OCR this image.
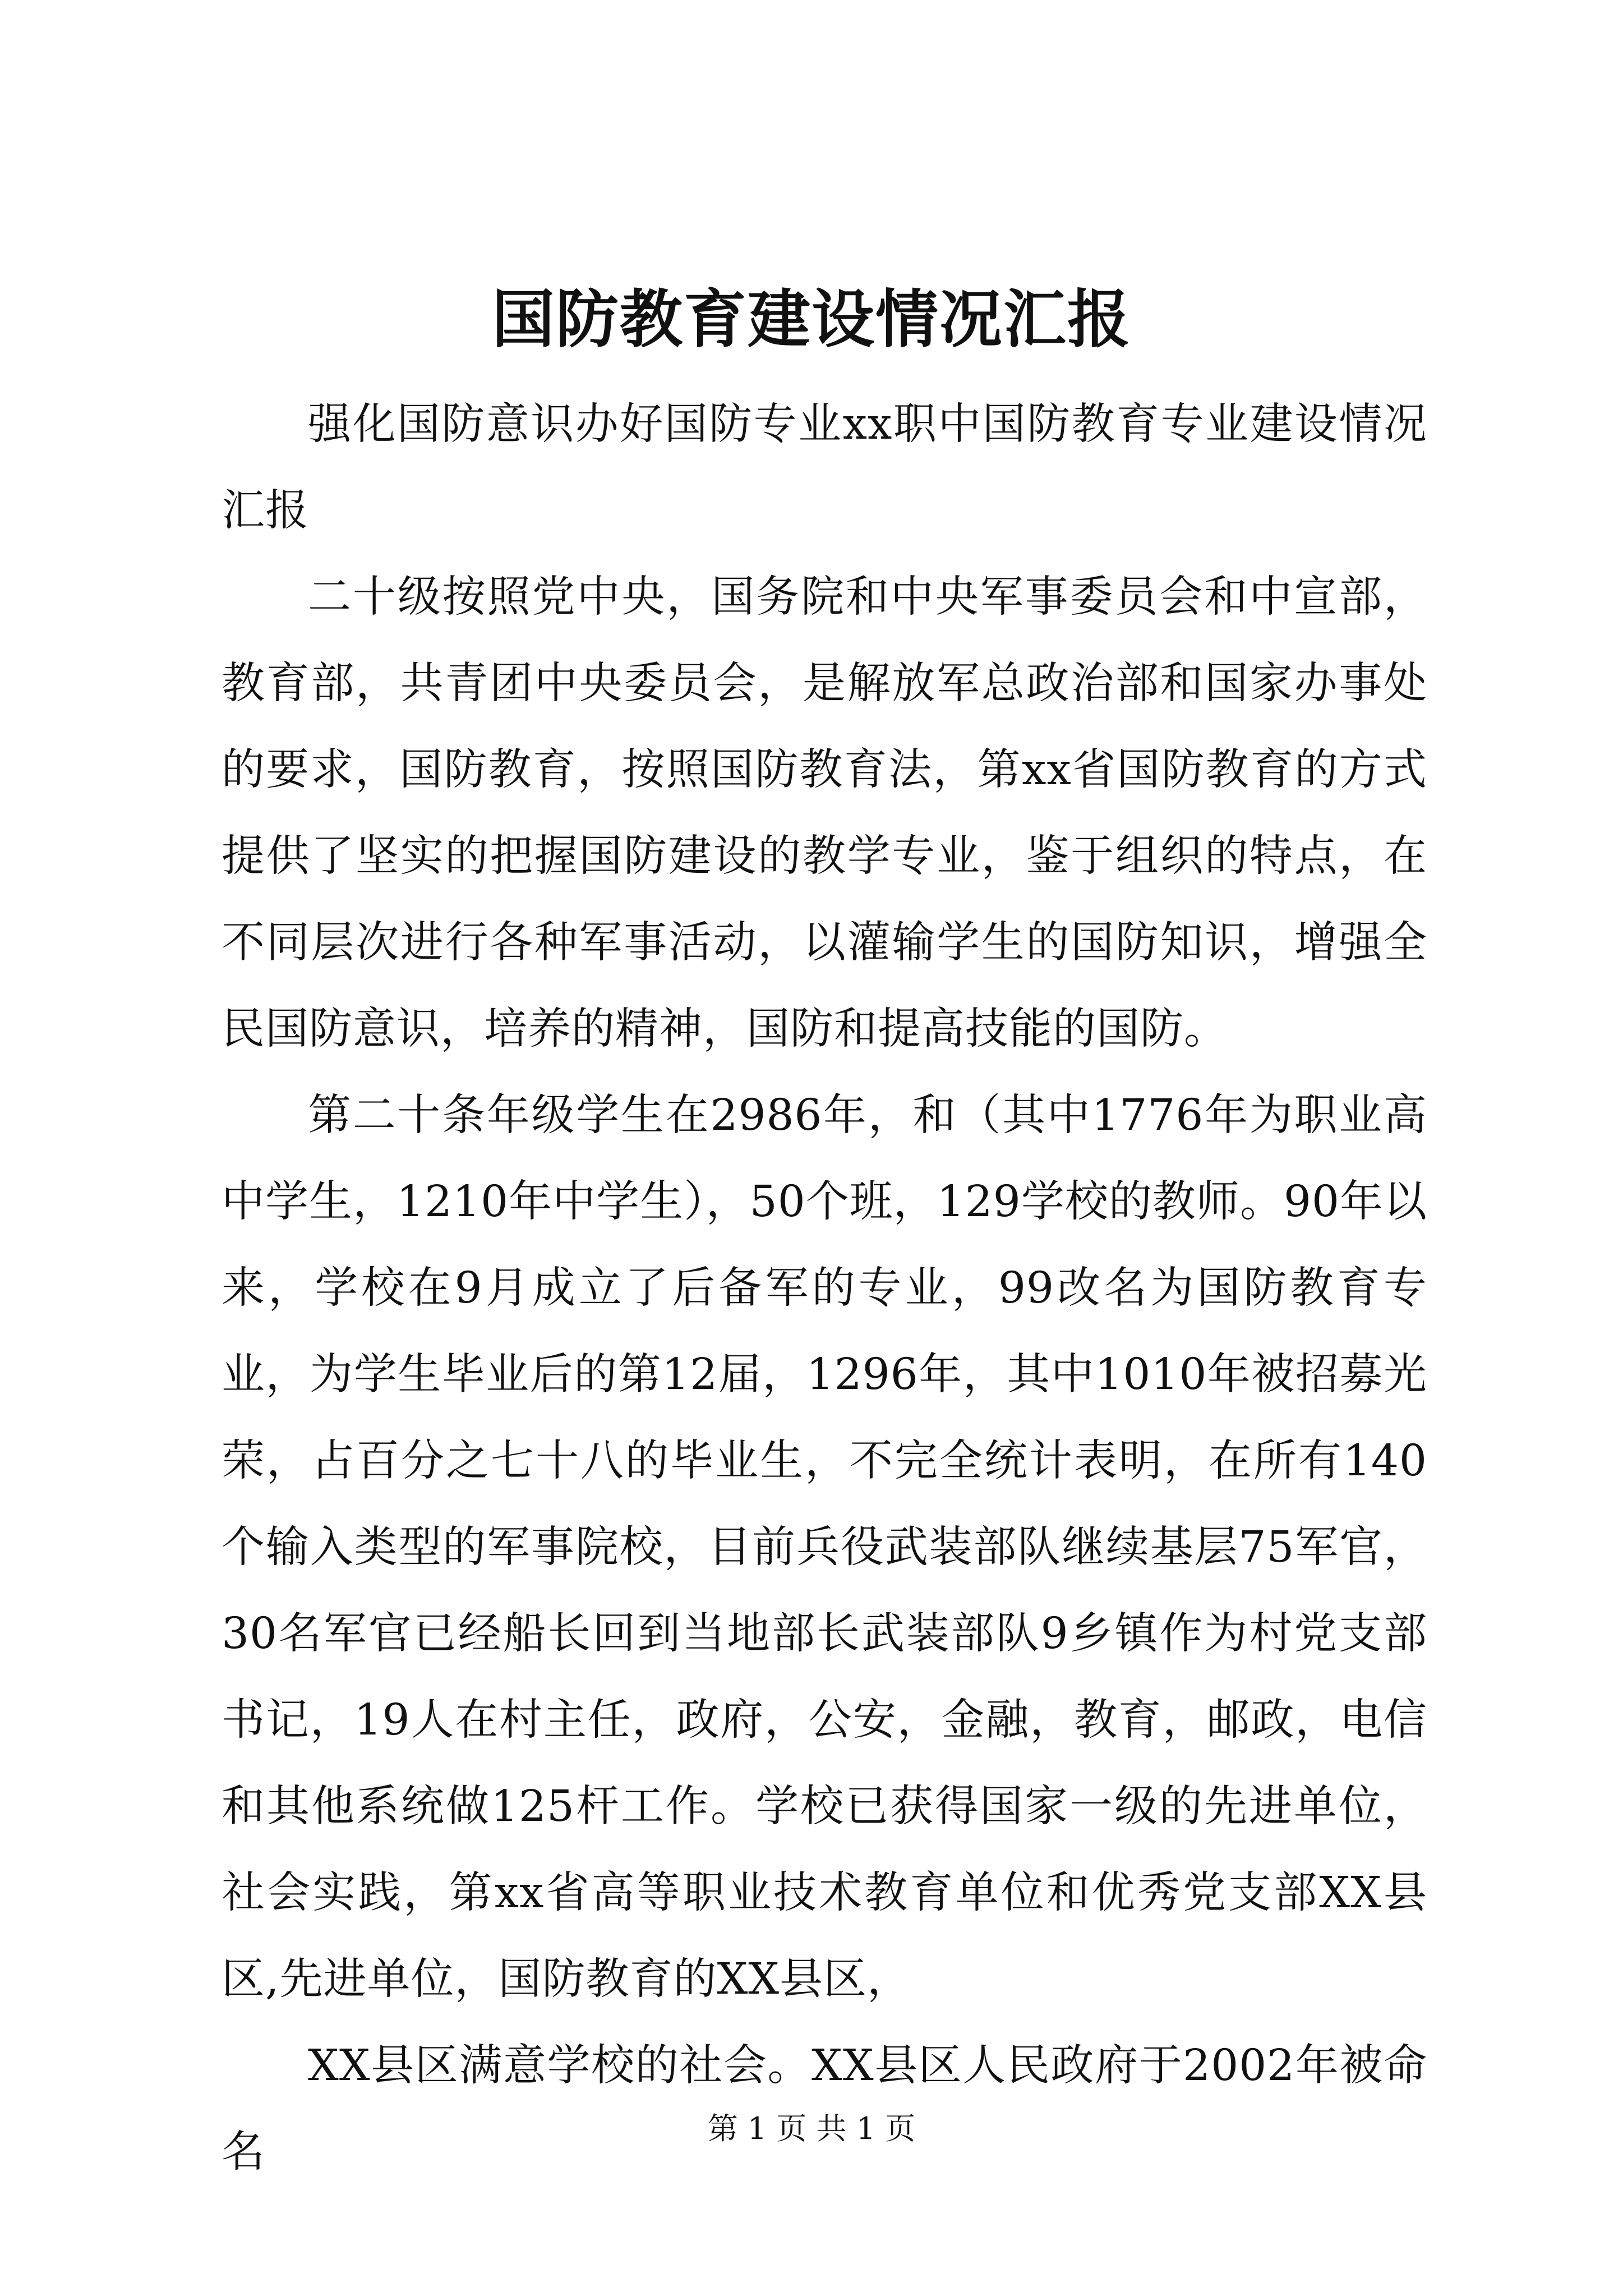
国防教育建设情况汇报

强化国防意识办好国防专业xx职中国防教育专业建设情况汇报

二十级按照党中央，国务院和中央军事委员会和中宣部，教育部，共青团中央委员会，是解放军总政治部和国家办事处的要求，国防教育，按照国防教育法，第xx省国防教育的方式提供了坚实的把握国防建设的教学专业，鉴于组织的特点，在不同层次进行各种军事活动，以灌输学生的国防知识，增强全民国防意识，培养的精神，国防和提高技能的国防。

第二十条年级学生在2986年，和（其中1776年为职业高中学生，1210年中学生），50个班，129学校的教师。90年以来，学校在9月成立了后备军的专业，99改名为国防教育专业，为学生毕业后的第12届，1296年，其中1010年被招募光荣，占百分之七十八的毕业生，不完全统计表明，在所有140个输入类型的军事院校，目前兵役武装部队继续基层75军官，30名军官已经船长回到当地部长武装部队9乡镇作为村党支部书记，19人在村主任，政府，公安，金融，教育，邮政，电信和其他系统做125杆工作。学校已获得国家一级的先进单位，社会实践，第xx省高等职业技术教育单位和优秀党支部XX县区,先进单位，国防教育的XX县区，

XX县区满意学校的社会。XX县区人民政府于2002年被命名	第 1 页 共 1 页
